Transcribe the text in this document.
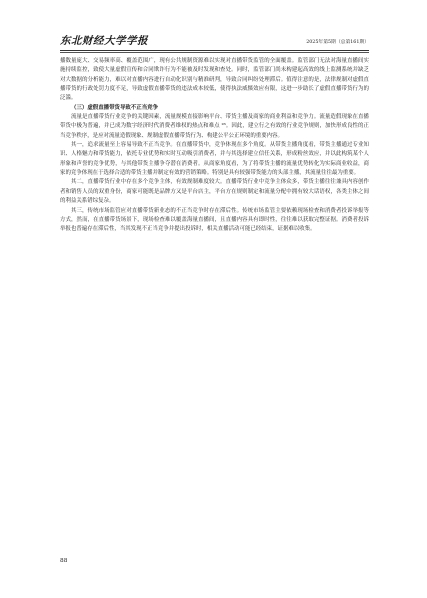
东北财经大学学报	2025年第5期（总第161期）

播数量庞大、交易频率高、覆盖范围广，现有公共规制资源难以实现对直播带货监管的全面覆盖。监管部门无法对海量直播间实施持续监控，致使大量虚假宣传和合同欺诈行为不能被及时发现和查处。同时，监管部门尚未构建起高效的线上监测系统并缺乏对大数据的分析能力，难以对直播内容进行自动化识别与精准研判，导致合同纠纷处理滞后。值得注意的是，法律规制对虚假直播带货的行政处罚力度不足，导致虚假直播带货的违法成本较低，使得执法威慑效应有限，这进一步助长了虚假直播带货行为的泛滥。

（三）虚假直播带货导致不正当竞争

流量是直播带货行业竞争的关键因素，流量规模直接影响平台、带货主播及商家的商业利益和竞争力。流量造假现象在直播带货中极为普遍，并已成为数字经济时代消费者维权的热点和难点 ²⁶。因此，建立行之有效的行业竞争规则，加快形成良性的正当竞争秩序，是应对流量造假现象、规制虚假直播带货行为、构建公平公正环境的重要内容。

其一，追求流量至上容易导致不正当竞争。在直播带货中，竞争体现在多个角度。从带货主播角度看，带货主播通过专业知识、人格魅力和带货能力，依托专业优势和实时互动吸引消费者，并与其选择建立信任关系，形成粉丝效应，并以此构筑某个人形象和声誉的竞争优势，与其他带货主播争夺潜在消费者。从商家角度看，为了将带货主播的流量优势转化为实际商业收益，商家的竞争体现在于选择合适的带货主播并制定有效的营销策略。特别是具有较强带货能力的头部主播，其流量往往最为重要。

其二，直播带货行业中存在多个竞争主体，有效规制难度较大。直播带货行业中竞争主体众多，带货主播往往兼具内容创作者和销售人员的双重身份，商家可能既是品牌方又是平台店主，平台方在规则制定和流量分配中拥有较大话语权，各类主体之间的利益关系错综复杂。

其三，传统市场监管应对直播带货新业态的不正当竞争时存在滞后性。传统市场监管主要依赖现场检查和消费者投诉举报等方式，然而，在直播带货场景下，现场检查难以覆盖海量直播间，且直播内容具有即时性，往往难以获取完整证据。消费者投诉举报也普遍存在滞后性，当其发现不正当竞争并提出投诉时，相关直播活动可能已经结束，证据难以收集。

88
